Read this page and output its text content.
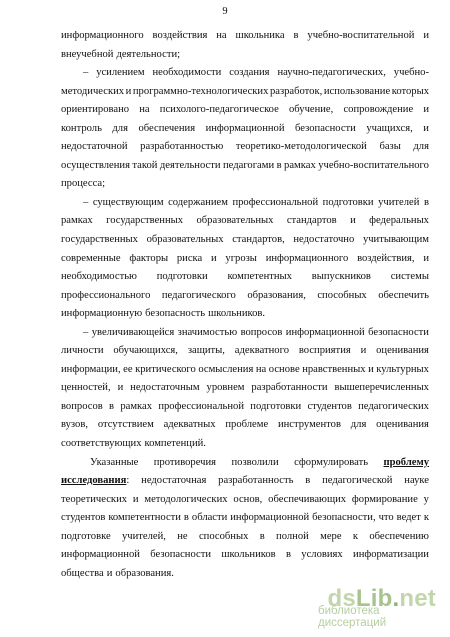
9
информационного воздействия на школьника в учебно-воспитательной и
внеучебной деятельности;
– усилением необходимости создания научно-педагогических, учебно-
методических и программно-технологических разработок, использование которых
ориентировано на психолого-педагогическое обучение, сопровождение и
контроль для обеспечения информационной безопасности учащихся, и
недостаточной разработанностью теоретико-методологической базы для
осуществления такой деятельности педагогами в рамках учебно-воспитательного
процесса;
– существующим содержанием профессиональной подготовки учителей в
рамках государственных образовательных стандартов и федеральных
государственных образовательных стандартов, недостаточно учитывающим
современные факторы риска и угрозы информационного воздействия, и
необходимостью подготовки компетентных выпускников системы
профессионального педагогического образования, способных обеспечить
информационную безопасность школьников.
– увеличивающейся значимостью вопросов информационной безопасности
личности обучающихся, защиты, адекватного восприятия и оценивания
информации, ее критического осмысления на основе нравственных и культурных
ценностей, и недостаточным уровнем разработанности вышеперечисленных
вопросов в рамках профессиональной подготовки студентов педагогических
вузов, отсутствием адекватных проблеме инструментов для оценивания
соответствующих компетенций.
Указанные противоречия позволили сформулировать проблему
исследования: недостаточная разработанность в педагогической науке
теоретических и методологических основ, обеспечивающих формирование у
студентов компетентности в области информационной безопасности, что ведет к
подготовке учителей, не способных в полной мере к обеспечению
информационной безопасности школьников в условиях информатизации
общества и образования.
dsLib.net
библиотека диссертаций
